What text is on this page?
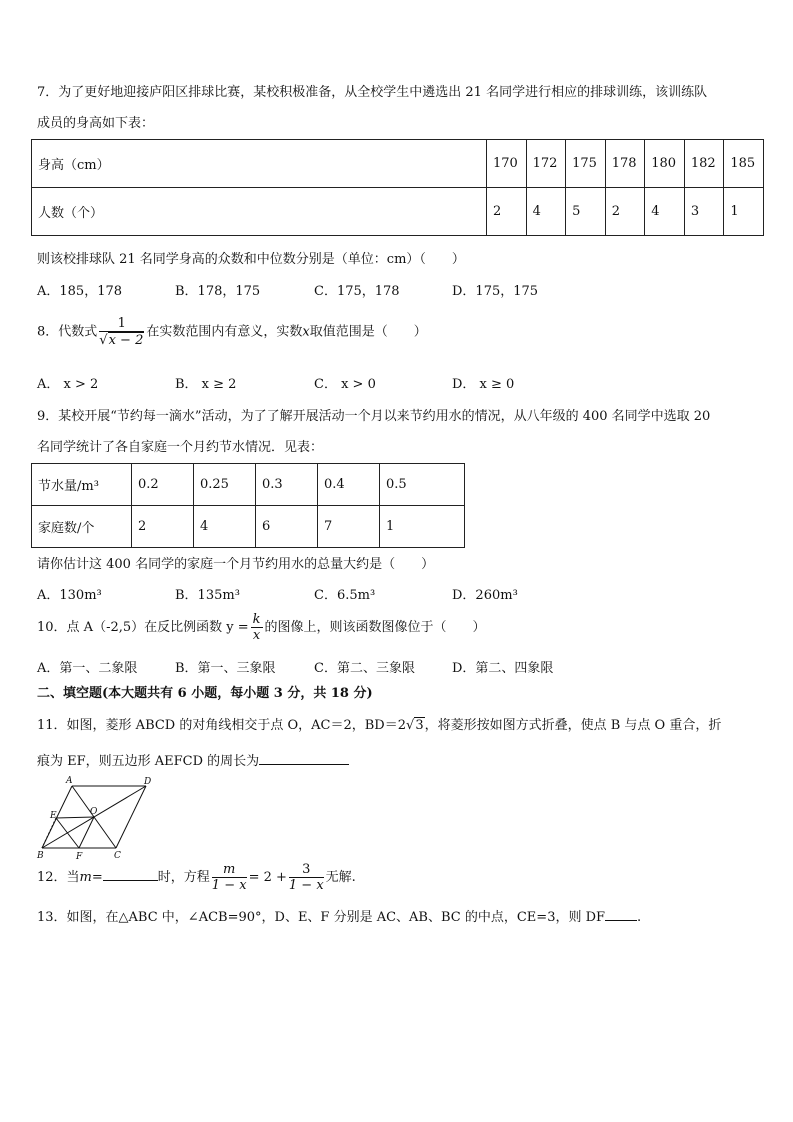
7．为了更好地迎接庐阳区排球比赛，某校积极准备，从全校学生中遴选出 21 名同学进行相应的排球训练，该训练队
成员的身高如下表：
身高（cm）	170	172	175	178	180	182	185
人数（个）	2	4	5	2	4	3	1
则该校排球队 21 名同学身高的众数和中位数分别是（单位：cm）（　　）
A．185，178	B．178，175	C．175，178	D．175，175
8．代数式 $\frac{1}{√x - 2}$ 在实数范围内有意义，实数x取值范围是（　　）
A． x > 2	B． x ≥ 2	C． x > 0	D． x ≥ 0
9．某校开展“节约每一滴水”活动，为了了解开展活动一个月以来节约用水的情况，从八年级的 400 名同学中选取 20
名同学统计了各自家庭一个月约节水情况．见表：
节水量/m³	0.2	0.25	0.3	0.4	0.5
家庭数/个	2	4	6	7	1
请你估计这 400 名同学的家庭一个月节约用水的总量大约是（　　）
A．130m³	B．135m³	C．6.5m³	D．260m³
10．点 A（-2,5）在反比例函数 $y = \frac{k}{x}$ 的图像上，则该函数图像位于（　　）
A．第一、二象限	B．第一、三象限	C．第二、三象限	D．第二、四象限
二、填空题(本大题共有 6 小题，每小题 3 分，共 18 分)
11．如图，菱形 ABCD 的对角线相交于点 O，AC＝2，BD＝2√3，将菱形按如图方式折叠，使点 B 与点 O 重合，折
痕为 EF，则五边形 AEFCD 的周长为
A	D
O
E
B	F	C
12．当m=	时，方程 $\frac{m}{1 - x} = 2 + \frac{3}{1 - x}$ 无解.
13．如图，在△ABC 中，∠ACB=90°，D、E、F 分别是 AC、AB、BC 的中点，CE=3，则 DF .
